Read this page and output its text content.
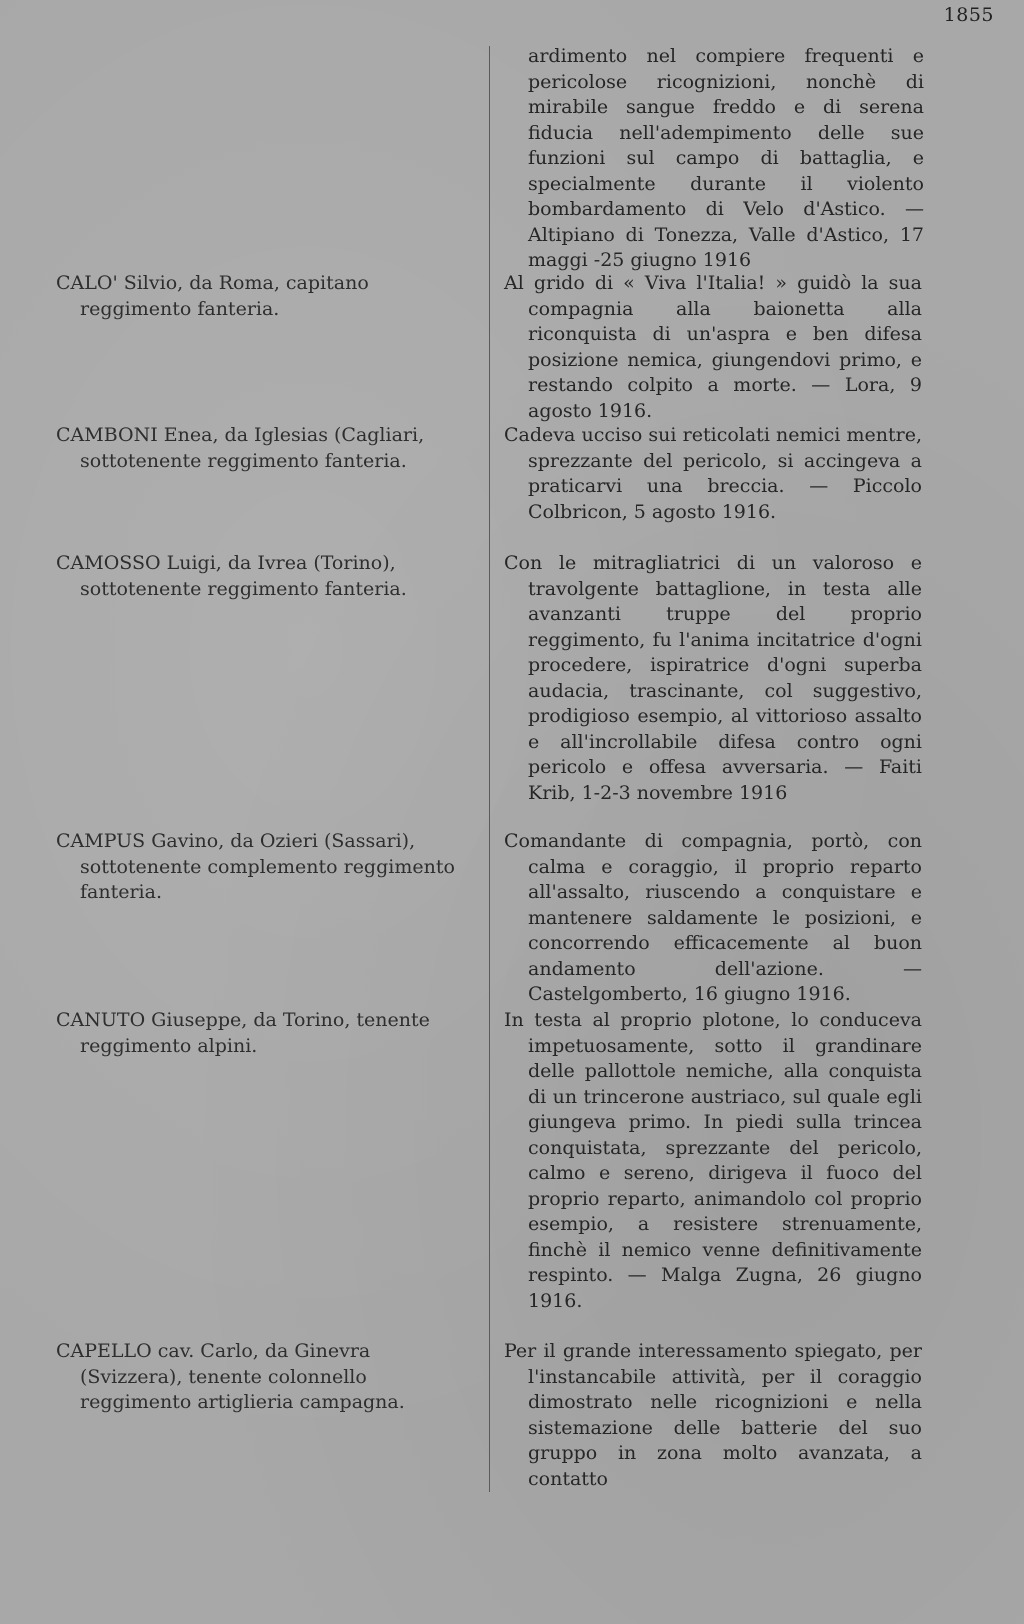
1855
ardimento nel compiere frequenti e pericolose ricognizioni, nonchè di mirabile sangue freddo e di serena fiducia nell'adempimento delle sue funzioni sul campo di battaglia, e specialmente durante il violento bombardamento di Velo d'Astico. — Altipiano di Tonezza, Valle d'Astico, 17 maggi -25 giugno 1916
CALO' Silvio, da Roma, capitano reggimento fanteria.
Al grido di « Viva l'Italia! » guidò la sua compagnia alla baionetta alla riconquista di un'aspra e ben difesa posizione nemica, giungendovi primo, e restando colpito a morte. — Lora, 9 agosto 1916.
CAMBONI Enea, da Iglesias (Cagliari, sottotenente reggimento fanteria.
Cadeva ucciso sui reticolati nemici mentre, sprezzante del pericolo, si accingeva a praticarvi una breccia. — Piccolo Colbricon, 5 agosto 1916.
CAMOSSO Luigi, da Ivrea (Torino), sottotenente reggimento fanteria.
Con le mitragliatrici di un valoroso e travolgente battaglione, in testa alle avanzanti truppe del proprio reggimento, fu l'anima incitatrice d'ogni procedere, ispiratrice d'ogni superba audacia, trascinante, col suggestivo, prodigioso esempio, al vittorioso assalto e all'incrollabile difesa contro ogni pericolo e offesa avversaria. — Faiti Krib, 1-2-3 novembre 1916
CAMPUS Gavino, da Ozieri (Sassari), sottotenente complemento reggimento fanteria.
Comandante di compagnia, portò, con calma e coraggio, il proprio reparto all'assalto, riuscendo a conquistare e mantenere saldamente le posizioni, e concorrendo efficacemente al buon andamento dell'azione. — Castelgomberto, 16 giugno 1916.
CANUTO Giuseppe, da Torino, tenente reggimento alpini.
In testa al proprio plotone, lo conduceva impetuosamente, sotto il grandinare delle pallottole nemiche, alla conquista di un trincerone austriaco, sul quale egli giungeva primo. In piedi sulla trincea conquistata, sprezzante del pericolo, calmo e sereno, dirigeva il fuoco del proprio reparto, animandolo col proprio esempio, a resistere strenuamente, finchè il nemico venne definitivamente respinto. — Malga Zugna, 26 giugno 1916.
CAPELLO cav. Carlo, da Ginevra (Svizzera), tenente colonnello reggimento artiglieria campagna.
Per il grande interessamento spiegato, per l'instancabile attività, per il coraggio dimostrato nelle ricognizioni e nella sistemazione delle batterie del suo gruppo in zona molto avanzata, a contatto
